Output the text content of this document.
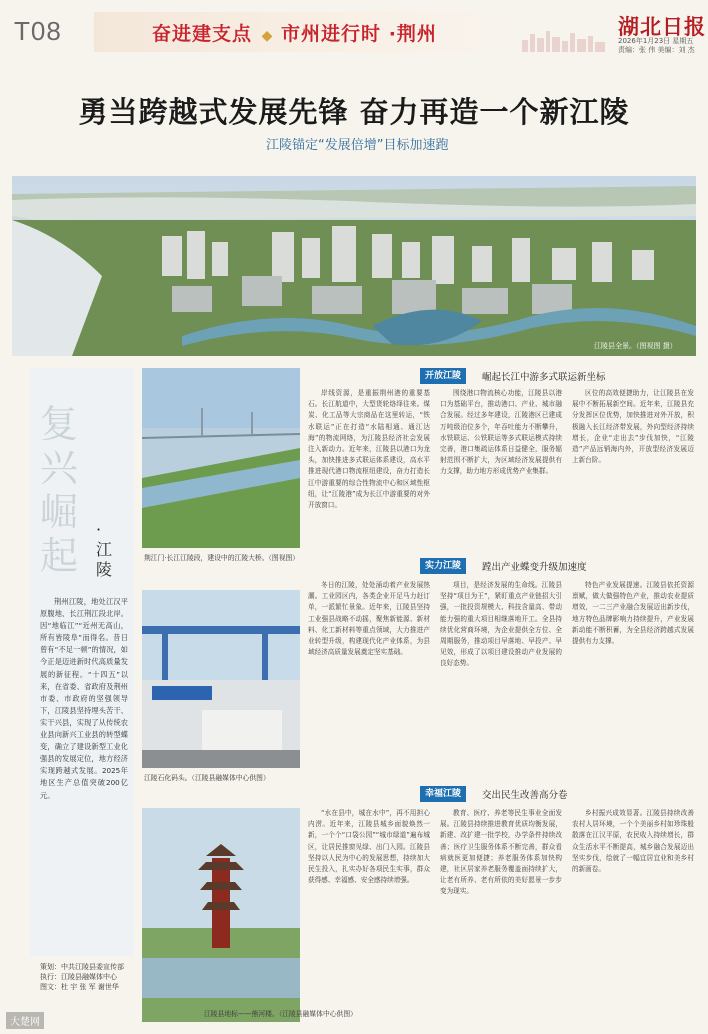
T08	奋进建支点 ◆ 市州进行时 ·荆州	湖北日报
2026年1月23日 星期五
责编：张 伟 美编：刘 杰
勇当跨越式发展先锋 奋力再造一个新江陵
江陵锚定“发展倍增”目标加速跑
江陵县全景。（图视图 摄）
复兴崛起
·江陵
荆州江陵，地处江汉平原腹地、长江荆江段北岸。因“地临江”“近州无高山，所有皆陵阜”而得名。昔日曾有“不足一顿”的情况，如今正是迈进新时代高质量发展的新征程。“十四五”以来，在省委、省政府及荆州市委、市政府的坚强领导下，江陵县坚持埋头苦干、实干兴县，实现了从传统农业县向新兴工业县的转型蝶变，确立了建设新型工业化强县的发展定位，地方经济实现跨越式发展。2025年地区生产总值突破200亿元。
策划：中共江陵县委宣传部
执行：江陵县融媒体中心
图文：杜 宇 张 军 谢世华
荆江门·长江江陵段，建设中的江陵大桥。（图视图）
江陵石化码头。（江陵县融媒体中心供图）
江陵县地标——熊河楼。（江陵县融媒体中心供图）
开放江陵	崛起长江中游多式联运新坐标
岸线资源，是重振荆州港的重要基石。长江航道中，大型货轮络绎往来。煤炭、化工品等大宗商品在这里转运，“铁水联运”正在打造“水陆相通、通江达海”的物流网络，为江陵县经济社会发展注入新动力。近年来，江陵县以港口为龙头，加快推进多式联运体系建设，高水平推进现代港口物流枢纽建设，奋力打造长江中游重要的综合性物流中心和区域性枢纽，让“江陵港”成为长江中游重要的对外开放窗口。
围绕港口物流核心功能，江陵县以港口为基础平台，推动港口、产业、城市融合发展。经过多年建设，江陵港区已建成万吨级泊位多个，年吞吐能力不断攀升，水铁联运、公铁联运等多式联运模式持续完善，港口集疏运体系日益健全，服务辐射范围不断扩大，为区域经济发展提供有力支撑，助力地方形成优势产业集群。
区位的高效便捷助力，让江陵县在发展中不断拓展新空间。近年来，江陵县充分发挥区位优势，加快推进对外开放，积极融入长江经济带发展，外向型经济持续增长，企业“走出去”步伐加快，“江陵造”产品远销海内外，开放型经济发展迈上新台阶。
实力江陵	蹚出产业蝶变升级加速度
冬日的江陵，处处涌动着产业发展热潮。工业园区内，各类企业开足马力赶订单，一派繁忙景象。近年来，江陵县坚持工业强县战略不动摇，聚焦新能源、新材料、化工新材料等重点领域，大力推进产业转型升级，构建现代化产业体系，为县域经济高质量发展奠定坚实基础。
项目，是经济发展的生命线。江陵县坚持“项目为王”，紧盯重点产业链招大引强，一批投资规模大、科技含量高、带动能力强的重大项目相继落地开工。全县持续优化营商环境，为企业提供全方位、全周期服务，推动项目早落地、早投产、早见效，形成了以项目建设推动产业发展的良好态势。
特色产业发展提速。江陵县依托资源禀赋，做大做强特色产业，推动农业提质增效，一二三产业融合发展迈出新步伐，地方特色品牌影响力持续提升，产业发展新动能不断积蓄，为全县经济跨越式发展提供有力支撑。
幸福江陵	交出民生改善高分卷
“水在县中，城在水中”，再不用担心内涝。近年来，江陵县城乡面貌焕然一新，一个个“口袋公园”“城市绿道”遍布城区，让居民推窗见绿、出门入园。江陵县坚持以人民为中心的发展思想，持续加大民生投入，扎实办好各项民生实事，群众获得感、幸福感、安全感持续增强。
教育、医疗、养老等民生事业全面发展。江陵县持续推进教育优质均衡发展，新建、改扩建一批学校，办学条件持续改善；医疗卫生服务体系不断完善，群众看病就医更加便捷；养老服务体系加快构建，社区居家养老服务覆盖面持续扩大，让老有所养、老有所依的美好愿景一步步变为现实。
乡村振兴成效显著。江陵县持续改善农村人居环境，一个个美丽乡村如珍珠般散落在江汉平原，农民收入持续增长，群众生活水平不断提高，城乡融合发展迈出坚实步伐，绘就了一幅宜居宜业和美乡村的新画卷。
大楚网
